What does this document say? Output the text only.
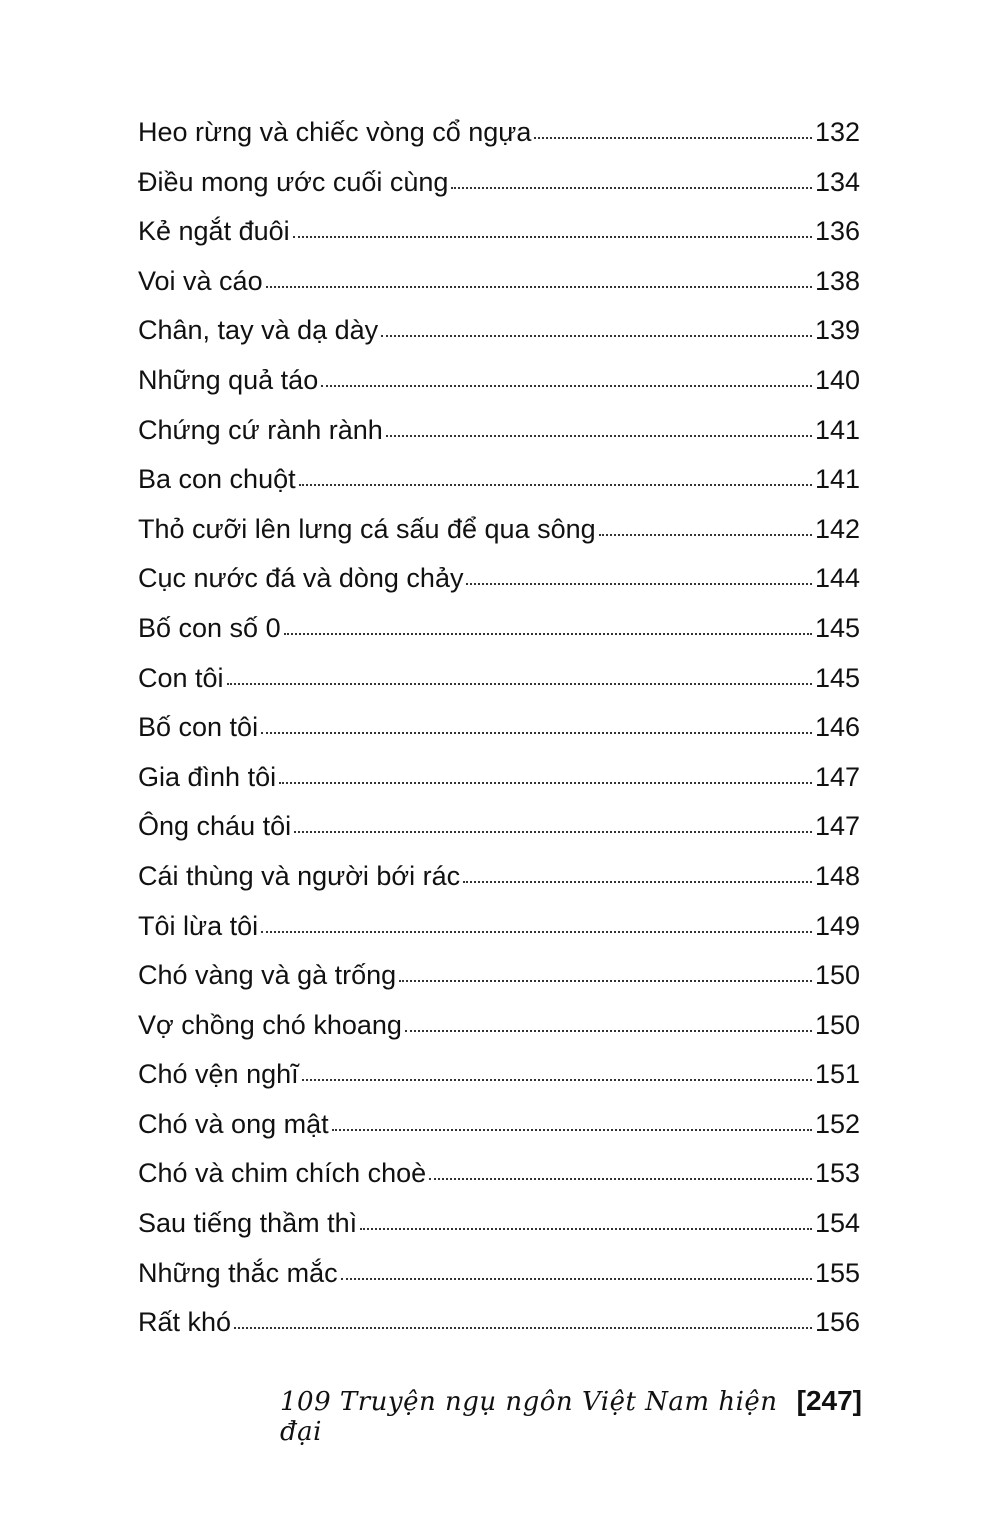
Heo rừng và chiếc vòng cổ ngựa	132
Điều mong ước cuối cùng	134
Kẻ ngắt đuôi	136
Voi và cáo	138
Chân, tay và dạ dày	139
Những quả táo	140
Chứng cứ rành rành	141
Ba con chuột	141
Thỏ cưỡi lên lưng cá sấu để qua sông	142
Cục nước đá và dòng chảy	144
Bố con số 0	145
Con tôi	145
Bố con tôi	146
Gia đình tôi	147
Ông cháu tôi	147
Cái thùng và người bới rác	148
Tôi lừa tôi	149
Chó vàng và gà trống	150
Vợ chồng chó khoang	150
Chó vện nghĩ	151
Chó và ong mật	152
Chó và chim chích choè	153
Sau tiếng thầm thì	154
Những thắc mắc	155
Rất khó	156
109 Truyện ngụ ngôn Việt Nam hiện đại
[247]
